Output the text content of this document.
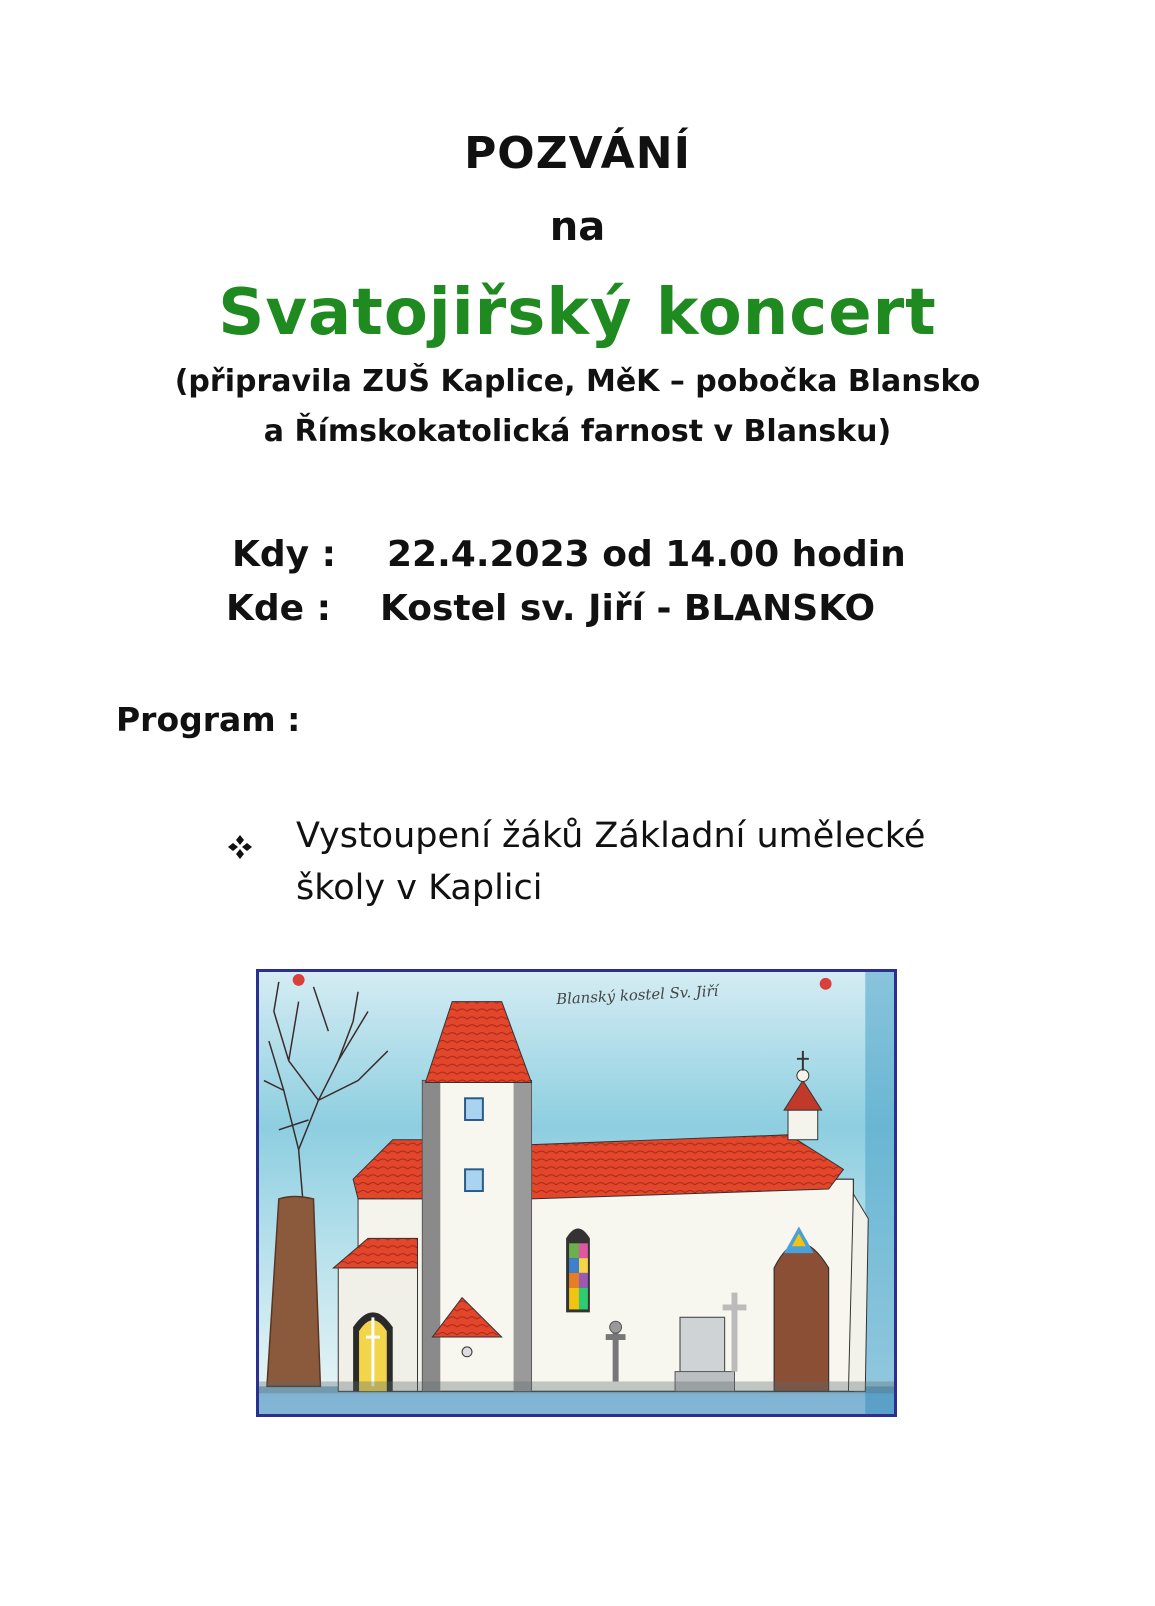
POZVÁNÍ
na
Svatojiřský koncert
(připravila ZUŠ Kaplice, MěK – pobočka Blansko
a Římskokatolická farnost v Blansku)
Kdy : 22.4.2023 od 14.00 hodin
Kde : Kostel sv. Jiří - BLANSKO
Program :
Vystoupení žáků Základní umělecké školy v Kaplici
Blanský kostel Sv. Jiří
